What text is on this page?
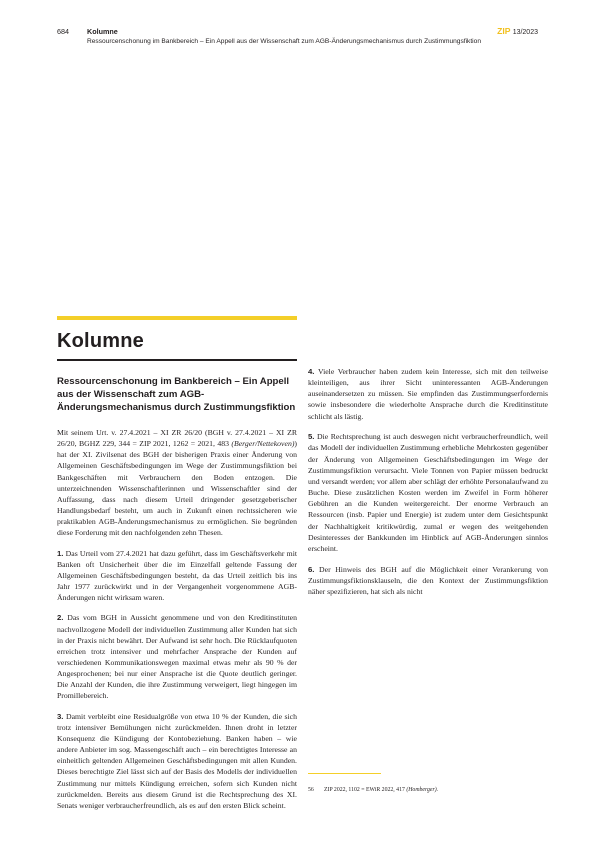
684	Kolumne
Ressourcenschonung im Bankbereich – Ein Appell aus der Wissenschaft zum AGB-Änderungsmechanismus durch Zustimmungsfiktion
ZIP 13/2023
Kolumne
Ressourcenschonung im Bankbereich – Ein Appell aus der Wissenschaft zum AGB-Änderungsmechanismus durch Zustimmungsfiktion

Mit seinem Urt. v. 27.4.2021 – XI ZR 26/20 (BGH v. 27.4.2021 – XI ZR 26/20, BGHZ 229, 344 = ZIP 2021, 1262 = 2021, 483 (Berger/Nettekoven)) hat der XI. Zivilsenat des BGH der bisherigen Praxis einer Änderung von Allgemeinen Geschäftsbedingungen im Wege der Zustimmungsfiktion bei Bankgeschäften mit Verbrauchern den Boden entzogen. Die unterzeichnenden Wissenschaftlerinnen und Wissenschaftler sind der Auffassung, dass nach diesem Urteil dringender gesetzgeberischer Handlungsbedarf besteht, um auch in Zukunft einen rechtssicheren wie praktikablen AGB-Änderungsmechanismus zu ermöglichen. Sie begründen diese Forderung mit den nachfolgenden zehn Thesen.

1. Das Urteil vom 27.4.2021 hat dazu geführt, dass im Geschäftsverkehr mit Banken oft Unsicherheit über die im Einzelfall geltende Fassung der Allgemeinen Geschäftsbedingungen besteht, da das Urteil zeitlich bis ins Jahr 1977 zurückwirkt und in der Vergangenheit vorgenommene AGB-Änderungen nicht wirksam waren.

2. Das vom BGH in Aussicht genommene und von den Kreditinstituten nachvollzogene Modell der individuellen Zustimmung aller Kunden hat sich in der Praxis nicht bewährt. Der Aufwand ist sehr hoch. Die Rücklaufquoten erreichen trotz intensiver und mehrfacher Ansprache der Kunden auf verschiedenen Kommunikationswegen maximal etwas mehr als 90 % der Angesprochenen; bei nur einer Ansprache ist die Quote deutlich geringer. Die Anzahl der Kunden, die ihre Zustimmung verweigert, liegt hingegen im Promillebereich.

3. Damit verbleibt eine Residualgröße von etwa 10 % der Kunden, die sich trotz intensiver Bemühungen nicht zurückmelden. Ihnen droht in letzter Konsequenz die Kündigung der Kontobeziehung. Banken haben – wie andere Anbieter im sog. Massengeschäft auch – ein berechtigtes Interesse an einheitlich geltenden Allgemeinen Geschäftsbedingungen mit allen Kunden. Dieses berechtigte Ziel lässt sich auf der Basis des Modells der individuellen Zustimmung nur mittels Kündigung erreichen, sofern sich Kunden nicht zurückmelden. Bereits aus diesem Grund ist die Rechtsprechung des XI. Senats weniger verbraucherfreundlich, als es auf den ersten Blick scheint.

4. Viele Verbraucher haben zudem kein Interesse, sich mit den teilweise kleinteiligen, aus ihrer Sicht uninteressanten AGB-Änderungen auseinandersetzen zu müssen. Sie empfinden das Zustimmungserfordernis sowie insbesondere die wiederholte Ansprache durch die Kreditinstitute schlicht als lästig.

5. Die Rechtsprechung ist auch deswegen nicht verbraucherfreundlich, weil das Modell der individuellen Zustimmung erhebliche Mehrkosten gegenüber der Änderung von Allgemeinen Geschäftsbedingungen im Wege der Zustimmungsfiktion verursacht. Viele Tonnen von Papier müssen bedruckt und versandt werden; vor allem aber schlägt der erhöhte Personalaufwand zu Buche. Diese zusätzlichen Kosten werden im Zweifel in Form höherer Gebühren an die Kunden weitergereicht. Der enorme Verbrauch an Ressourcen (insb. Papier und Energie) ist zudem unter dem Gesichtspunkt der Nachhaltigkeit kritikwürdig, zumal er wegen des weitgehenden Desinteresses der Bankkunden im Hinblick auf AGB-Änderungen sinnlos erscheint.

6. Der Hinweis des BGH auf die Möglichkeit einer Verankerung von Zustimmungsfiktionsklauseln, die den Kontext der Zustimmungsfiktion näher spezifizieren, hat sich als nicht

56 ZIP 2022, 1102 = EWiR 2022, 417 (Homberger).
